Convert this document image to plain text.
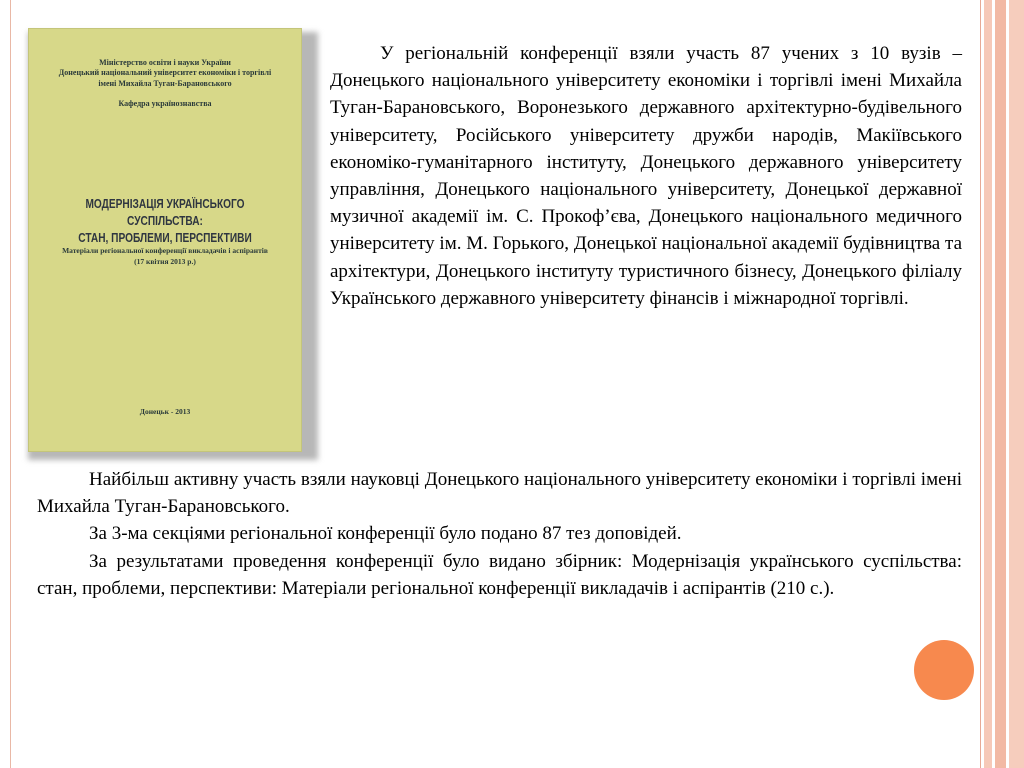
Міністерство освіти і науки України
Донецький національний університет економіки і торгівлі
імені Михайла Туган-Барановського
Кафедра українознавства
МОДЕРНІЗАЦІЯ УКРАЇНСЬКОГО СУСПІЛЬСТВА:
СТАН, ПРОБЛЕМИ, ПЕРСПЕКТИВИ
Матеріали регіональної конференції викладачів і аспірантів
(17 квітня 2013 р.)
Донецьк - 2013

У регіональній конференції взяли участь 87 учених з 10 вузів – Донецького національного університету економіки і торгівлі імені Михайла Туган-Барановського, Воронезького державного архітектурно-будівельного університету, Російського університету дружби народів, Макіївського економіко-гуманітарного інституту, Донецького державного університету управління, Донецького національного університету, Донецької державної музичної академії ім. С. Прокоф’єва, Донецького національного медичного університету ім. М. Горького, Донецької національної академії будівництва та архітектури, Донецького інституту туристичного бізнесу, Донецького філіалу Українського державного університету фінансів і міжнародної торгівлі.

Найбільш активну участь взяли науковці Донецького національного університету економіки і торгівлі імені Михайла Туган-Барановського.

За 3-ма секціями регіональної конференції було подано 87 тез доповідей.

За результатами проведення конференції було видано збірник: Модернізація українського суспільства: стан, проблеми, перспективи: Матеріали регіональної конференції викладачів і аспірантів (210 с.).
